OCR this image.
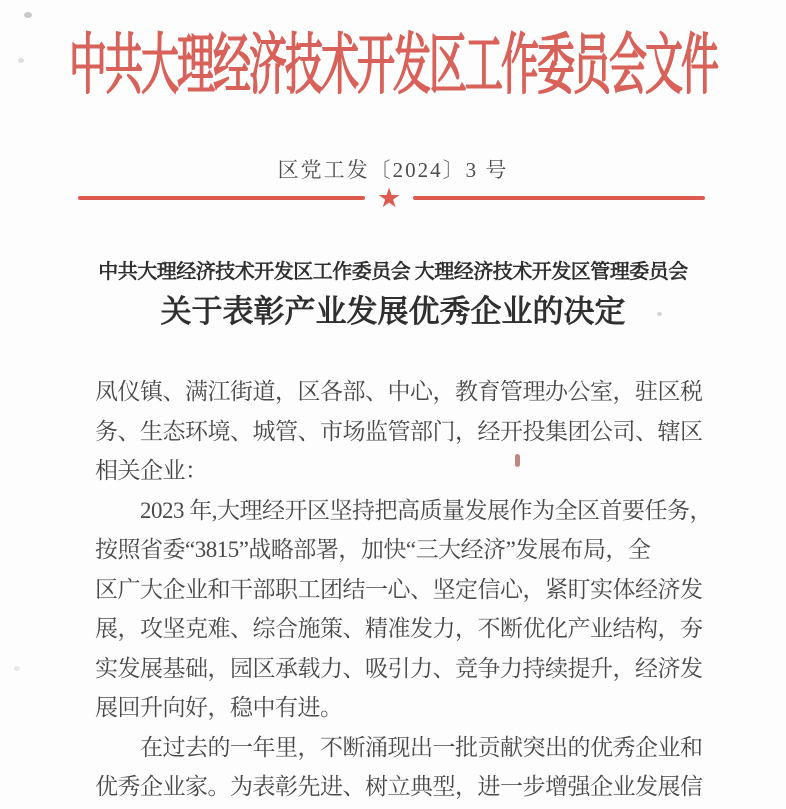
中共大理经济技术开发区工作委员会文件
区党工发〔2024〕3 号
★
中共大理经济技术开发区工作委员会 大理经济技术开发区管理委员会
关于表彰产业发展优秀企业的决定
凤仪镇、满江街道，区各部、中心，教育管理办公室，驻区税
务、生态环境、城管、市场监管部门，经开投集团公司、辖区
相关企业：
2023 年,大理经开区坚持把高质量发展作为全区首要任务，
按照省委“3815”战略部署，加快“三大经济”发展布局，全
区广大企业和干部职工团结一心、坚定信心，紧盯实体经济发
展，攻坚克难、综合施策、精准发力，不断优化产业结构，夯
实发展基础，园区承载力、吸引力、竞争力持续提升，经济发
展回升向好，稳中有进。
在过去的一年里，不断涌现出一批贡献突出的优秀企业和
优秀企业家。为表彰先进、树立典型，进一步增强企业发展信
